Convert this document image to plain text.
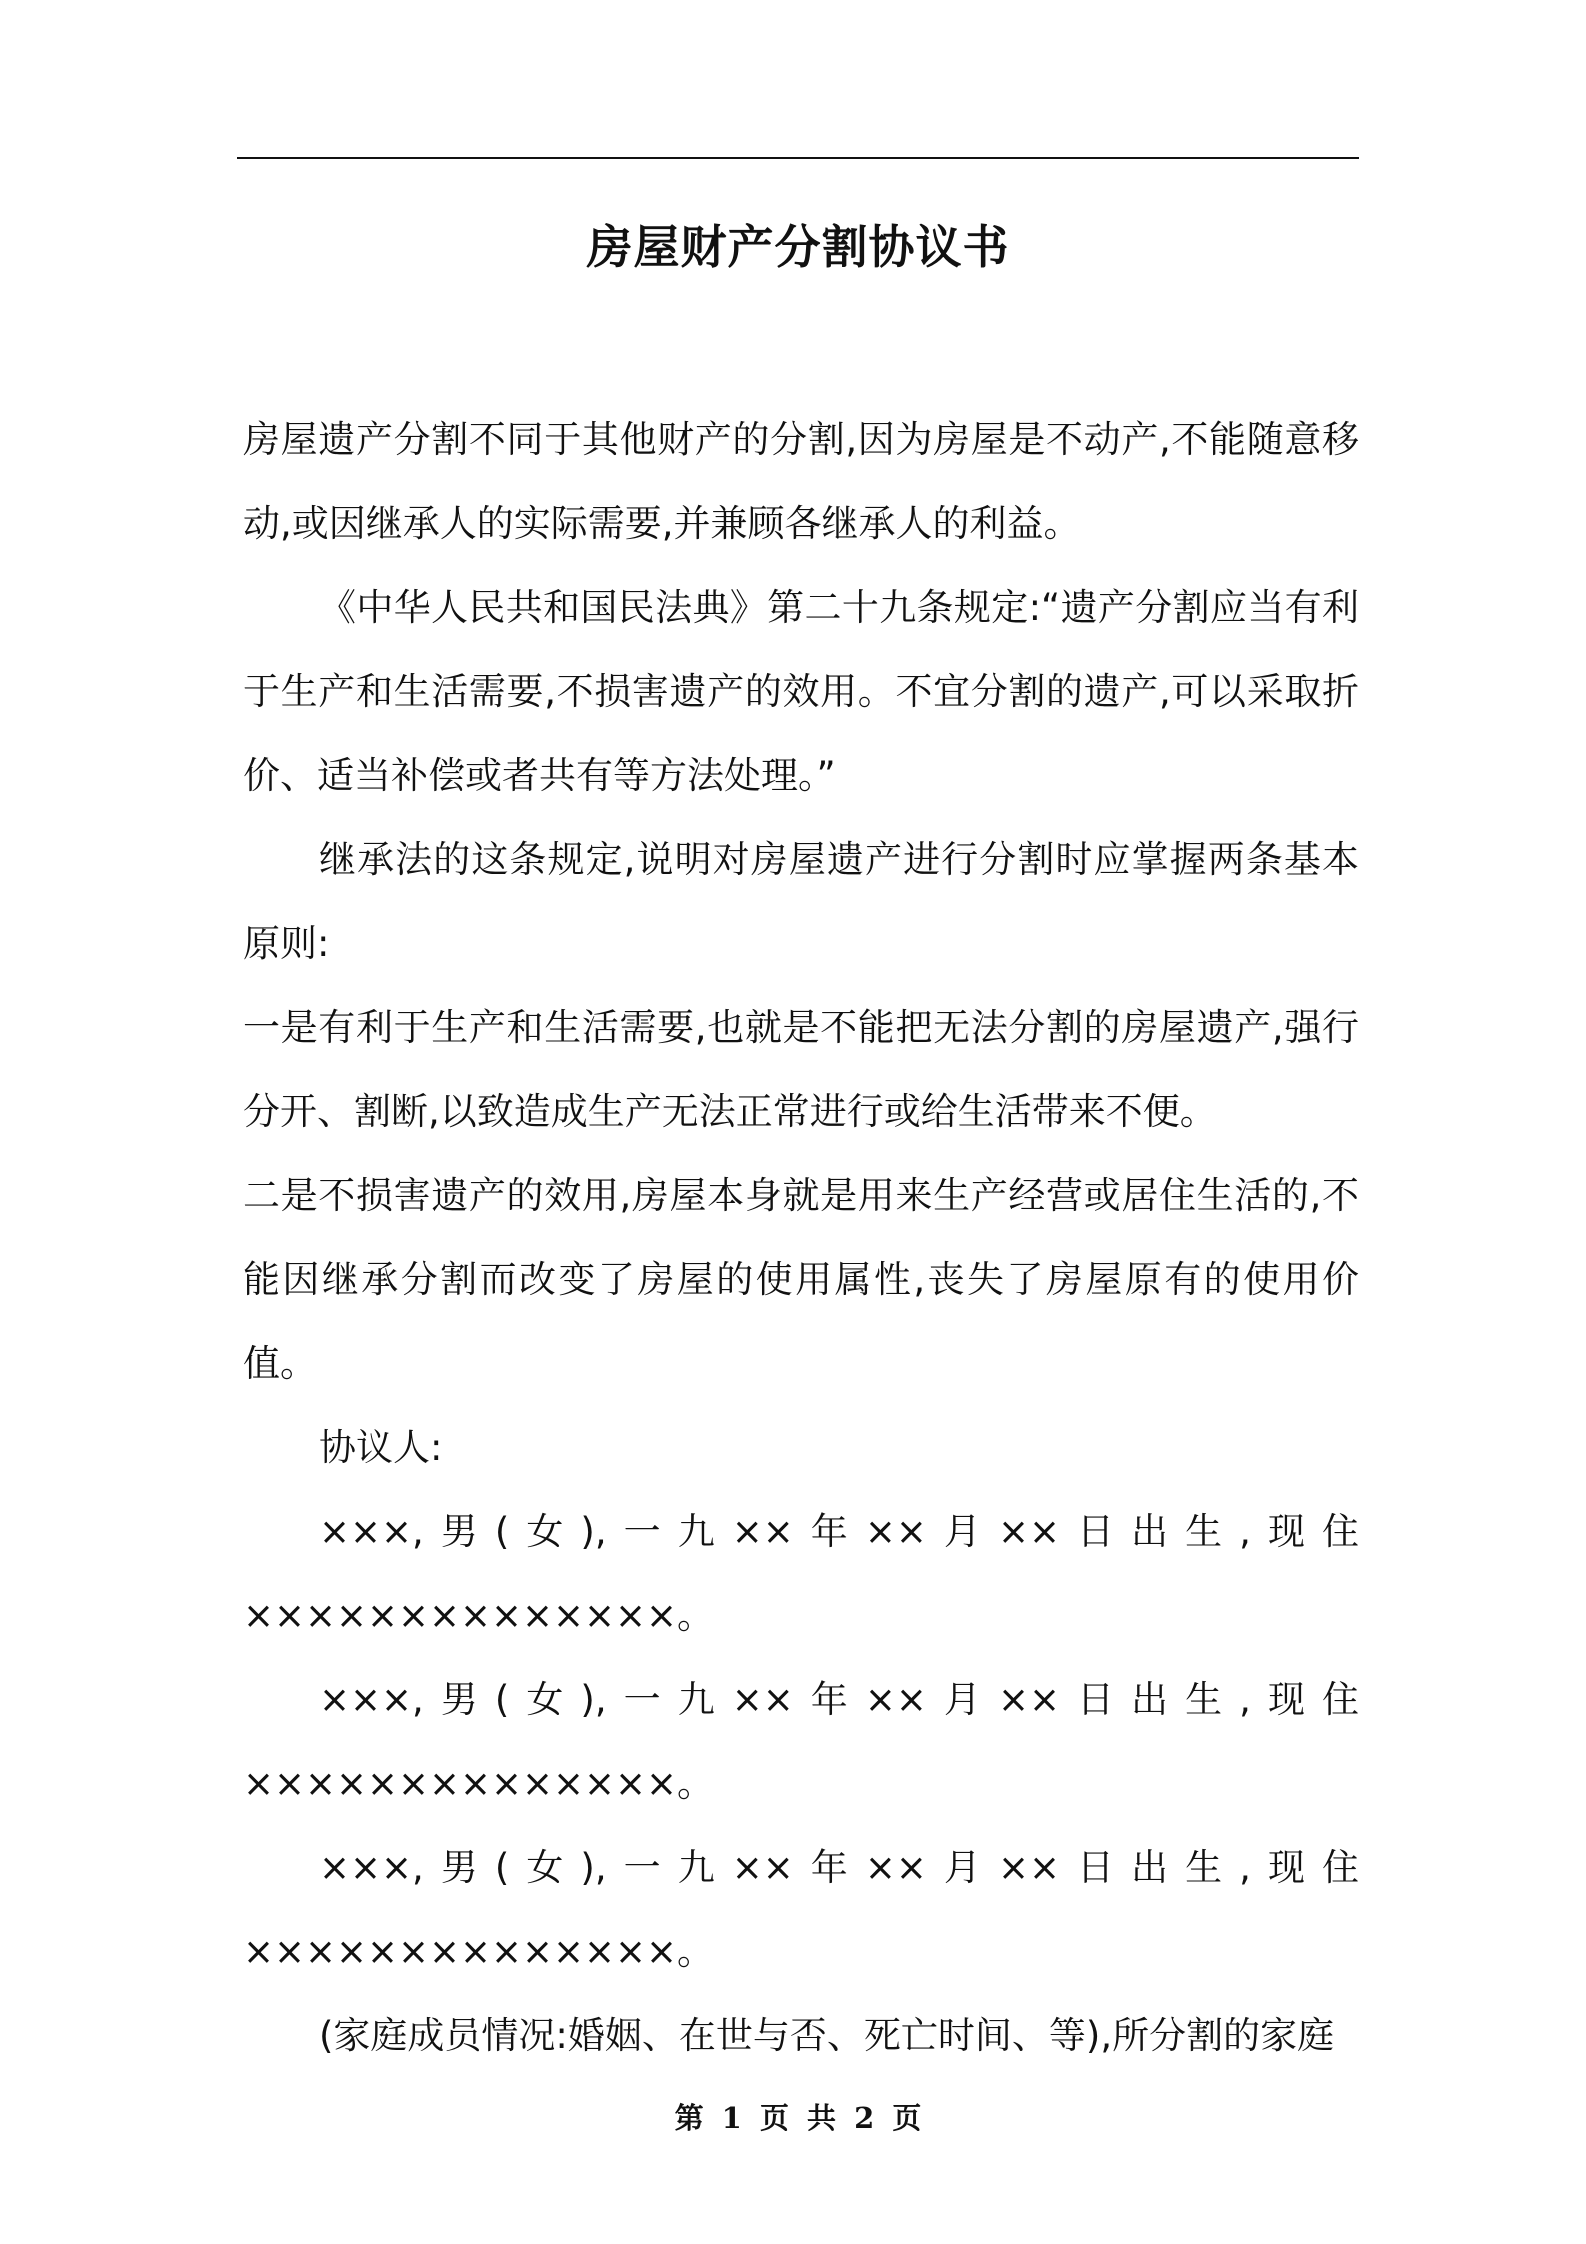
房屋财产分割协议书

房屋遗产分割不同于其他财产的分割,因为房屋是不动产,不能随意移动,或因继承人的实际需要,并兼顾各继承人的利益。

《中华人民共和国民法典》第二十九条规定:“遗产分割应当有利于生产和生活需要,不损害遗产的效用。不宜分割的遗产,可以采取折价、适当补偿或者共有等方法处理。”

继承法的这条规定,说明对房屋遗产进行分割时应掌握两条基本原则:

一是有利于生产和生活需要,也就是不能把无法分割的房屋遗产,强行分开、割断,以致造成生产无法正常进行或给生活带来不便。

二是不损害遗产的效用,房屋本身就是用来生产经营或居住生活的,不能因继承分割而改变了房屋的使用属性,丧失了房屋原有的使用价值。

协议人:

×××,男(女),一九××年××月××日出生,现住××××××××××××××。

×××,男(女),一九××年××月××日出生,现住××××××××××××××。

×××,男(女),一九××年××月××日出生,现住××××××××××××××。

(家庭成员情况:婚姻、在世与否、死亡时间、等),所分割的家庭

第 1 页 共 2 页
